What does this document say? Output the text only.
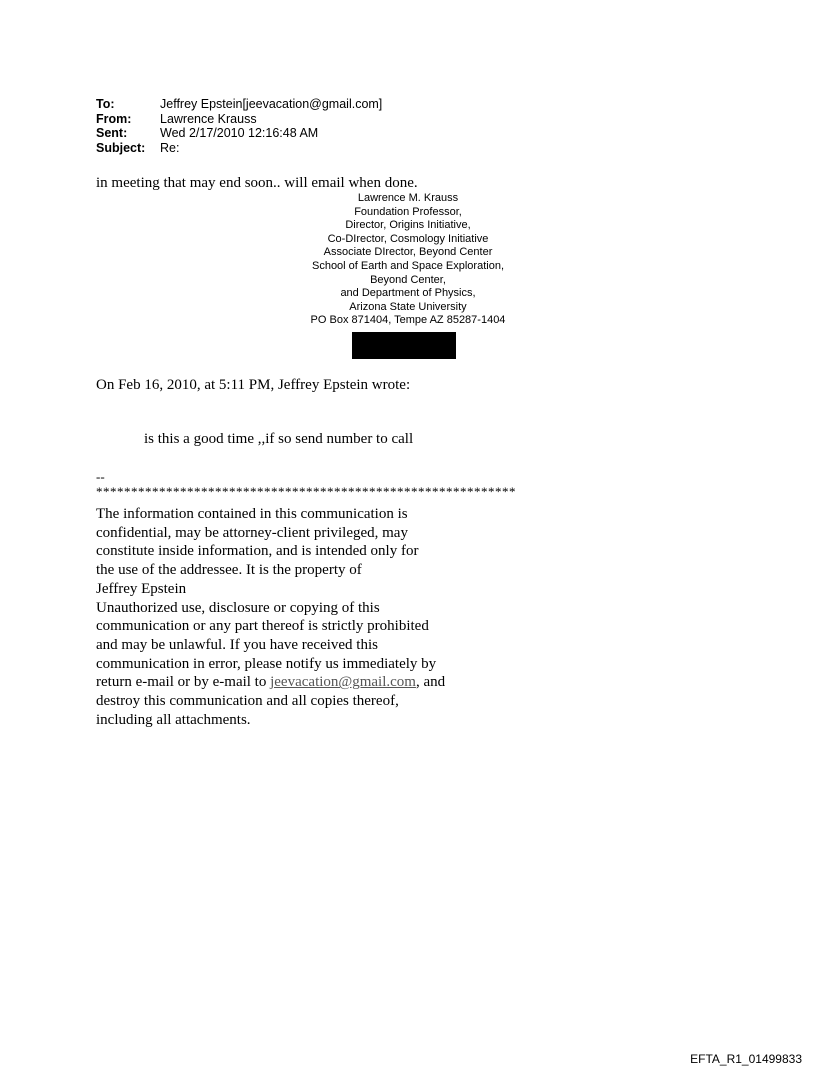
To:	Jeffrey Epstein[jeevacation@gmail.com]
From:	Lawrence Krauss
Sent:	Wed 2/17/2010 12:16:48 AM
Subject:	Re:
in meeting that may end soon.. will email when done.
Lawrence M. Krauss
Foundation Professor,
Director, Origins Initiative,
Co-DIrector, Cosmology Initiative
Associate DIrector, Beyond Center
School of Earth and Space Exploration,
Beyond Center,
and Department of Physics,
Arizona State University
PO Box 871404, Tempe AZ 85287-1404
On Feb 16, 2010, at 5:11 PM, Jeffrey Epstein wrote:
is this a good time ,,if so send number to call
--
************************************************************
The information contained in this communication is
confidential, may be attorney-client privileged, may
constitute inside information, and is intended only for
the use of the addressee. It is the property of
Jeffrey Epstein
Unauthorized use, disclosure or copying of this
communication or any part thereof is strictly prohibited
and may be unlawful. If you have received this
communication in error, please notify us immediately by
return e-mail or by e-mail to jeevacation@gmail.com, and
destroy this communication and all copies thereof,
including all attachments.
EFTA_R1_01499833
